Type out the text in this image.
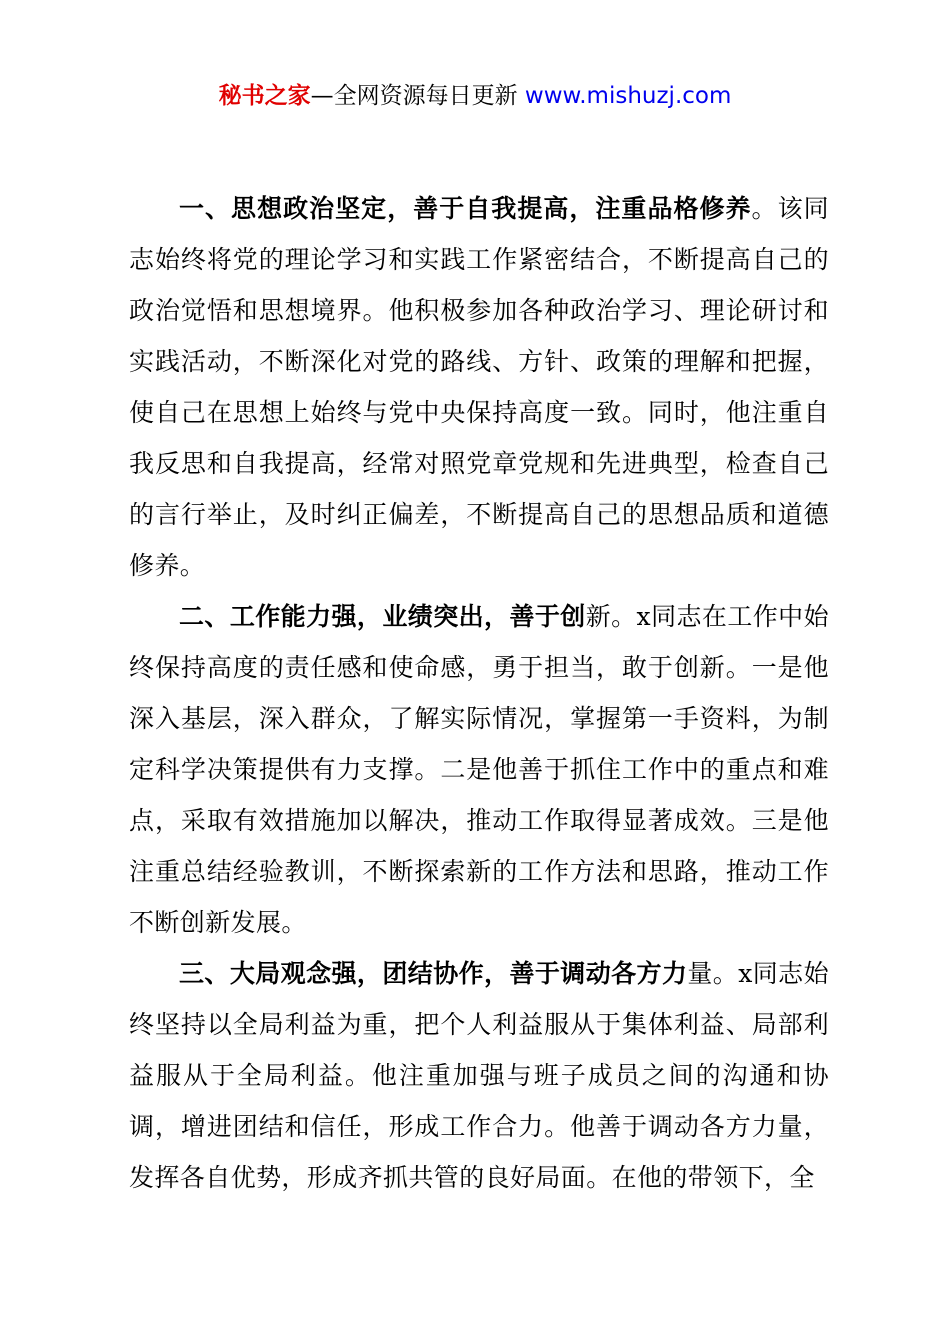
秘书之家—全网资源每日更新 www.mishuzj.com

一、思想政治坚定，善于自我提高，注重品格修养。该同志始终将党的理论学习和实践工作紧密结合，不断提高自己的政治觉悟和思想境界。他积极参加各种政治学习、理论研讨和实践活动，不断深化对党的路线、方针、政策的理解和把握，使自己在思想上始终与党中央保持高度一致。同时，他注重自我反思和自我提高，经常对照党章党规和先进典型，检查自己的言行举止，及时纠正偏差，不断提高自己的思想品质和道德修养。

二、工作能力强，业绩突出，善于创新。x同志在工作中始终保持高度的责任感和使命感，勇于担当，敢于创新。一是他深入基层，深入群众，了解实际情况，掌握第一手资料，为制定科学决策提供有力支撑。二是他善于抓住工作中的重点和难点，采取有效措施加以解决，推动工作取得显著成效。三是他注重总结经验教训，不断探索新的工作方法和思路，推动工作不断创新发展。

三、大局观念强，团结协作，善于调动各方力量。x同志始终坚持以全局利益为重，把个人利益服从于集体利益、局部利益服从于全局利益。他注重加强与班子成员之间的沟通和协调，增进团结和信任，形成工作合力。他善于调动各方力量，发挥各自优势，形成齐抓共管的良好局面。在他的带领下，全
